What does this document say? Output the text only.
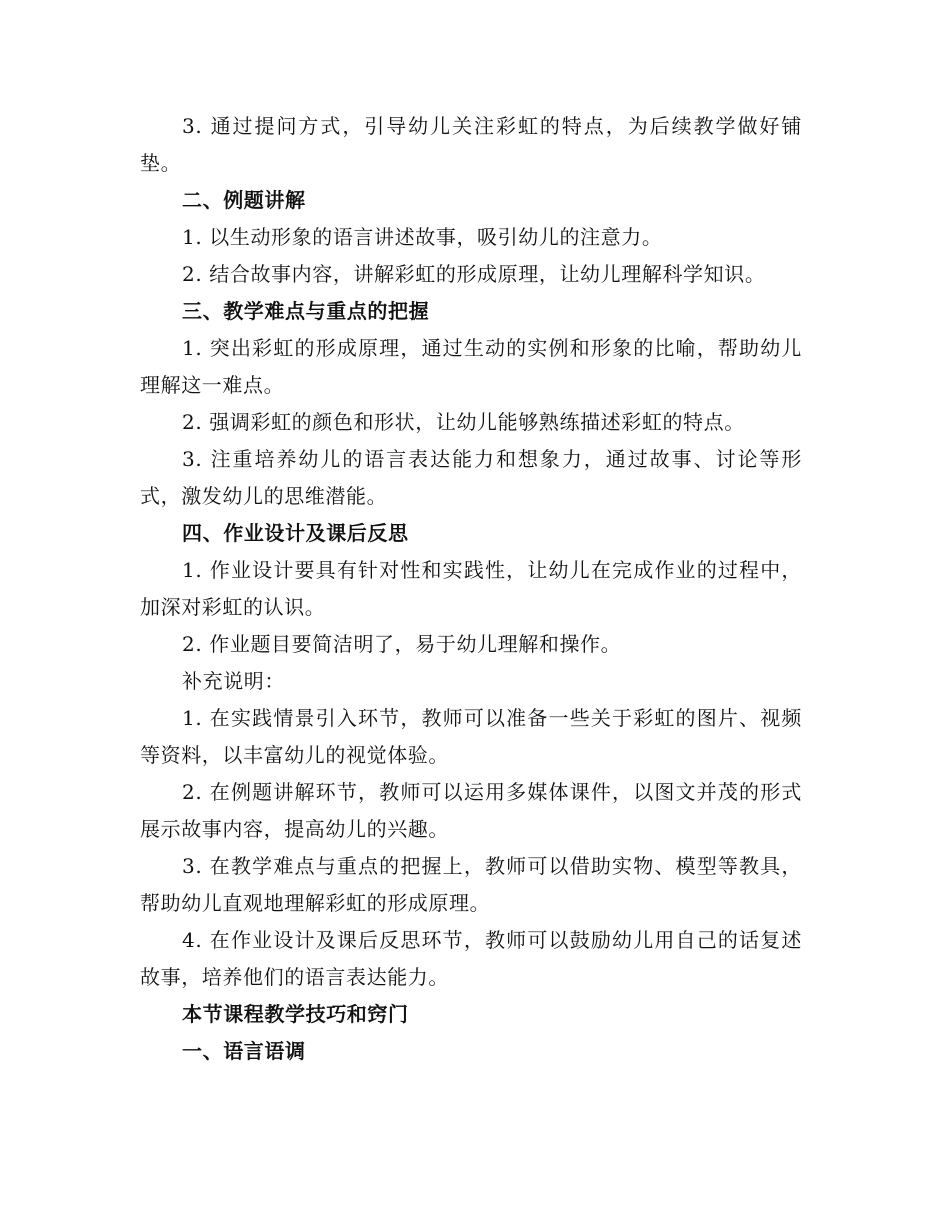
3. 通过提问方式，引导幼儿关注彩虹的特点，为后续教学做好铺垫。

二、例题讲解

1. 以生动形象的语言讲述故事，吸引幼儿的注意力。

2. 结合故事内容，讲解彩虹的形成原理，让幼儿理解科学知识。

三、教学难点与重点的把握

1. 突出彩虹的形成原理，通过生动的实例和形象的比喻，帮助幼儿理解这一难点。

2. 强调彩虹的颜色和形状，让幼儿能够熟练描述彩虹的特点。

3. 注重培养幼儿的语言表达能力和想象力，通过故事、讨论等形式，激发幼儿的思维潜能。

四、作业设计及课后反思

1. 作业设计要具有针对性和实践性，让幼儿在完成作业的过程中，加深对彩虹的认识。

2. 作业题目要简洁明了，易于幼儿理解和操作。

补充说明：

1. 在实践情景引入环节，教师可以准备一些关于彩虹的图片、视频等资料，以丰富幼儿的视觉体验。

2. 在例题讲解环节，教师可以运用多媒体课件，以图文并茂的形式展示故事内容，提高幼儿的兴趣。

3. 在教学难点与重点的把握上，教师可以借助实物、模型等教具，帮助幼儿直观地理解彩虹的形成原理。

4. 在作业设计及课后反思环节，教师可以鼓励幼儿用自己的话复述故事，培养他们的语言表达能力。

本节课程教学技巧和窍门

一、语言语调
